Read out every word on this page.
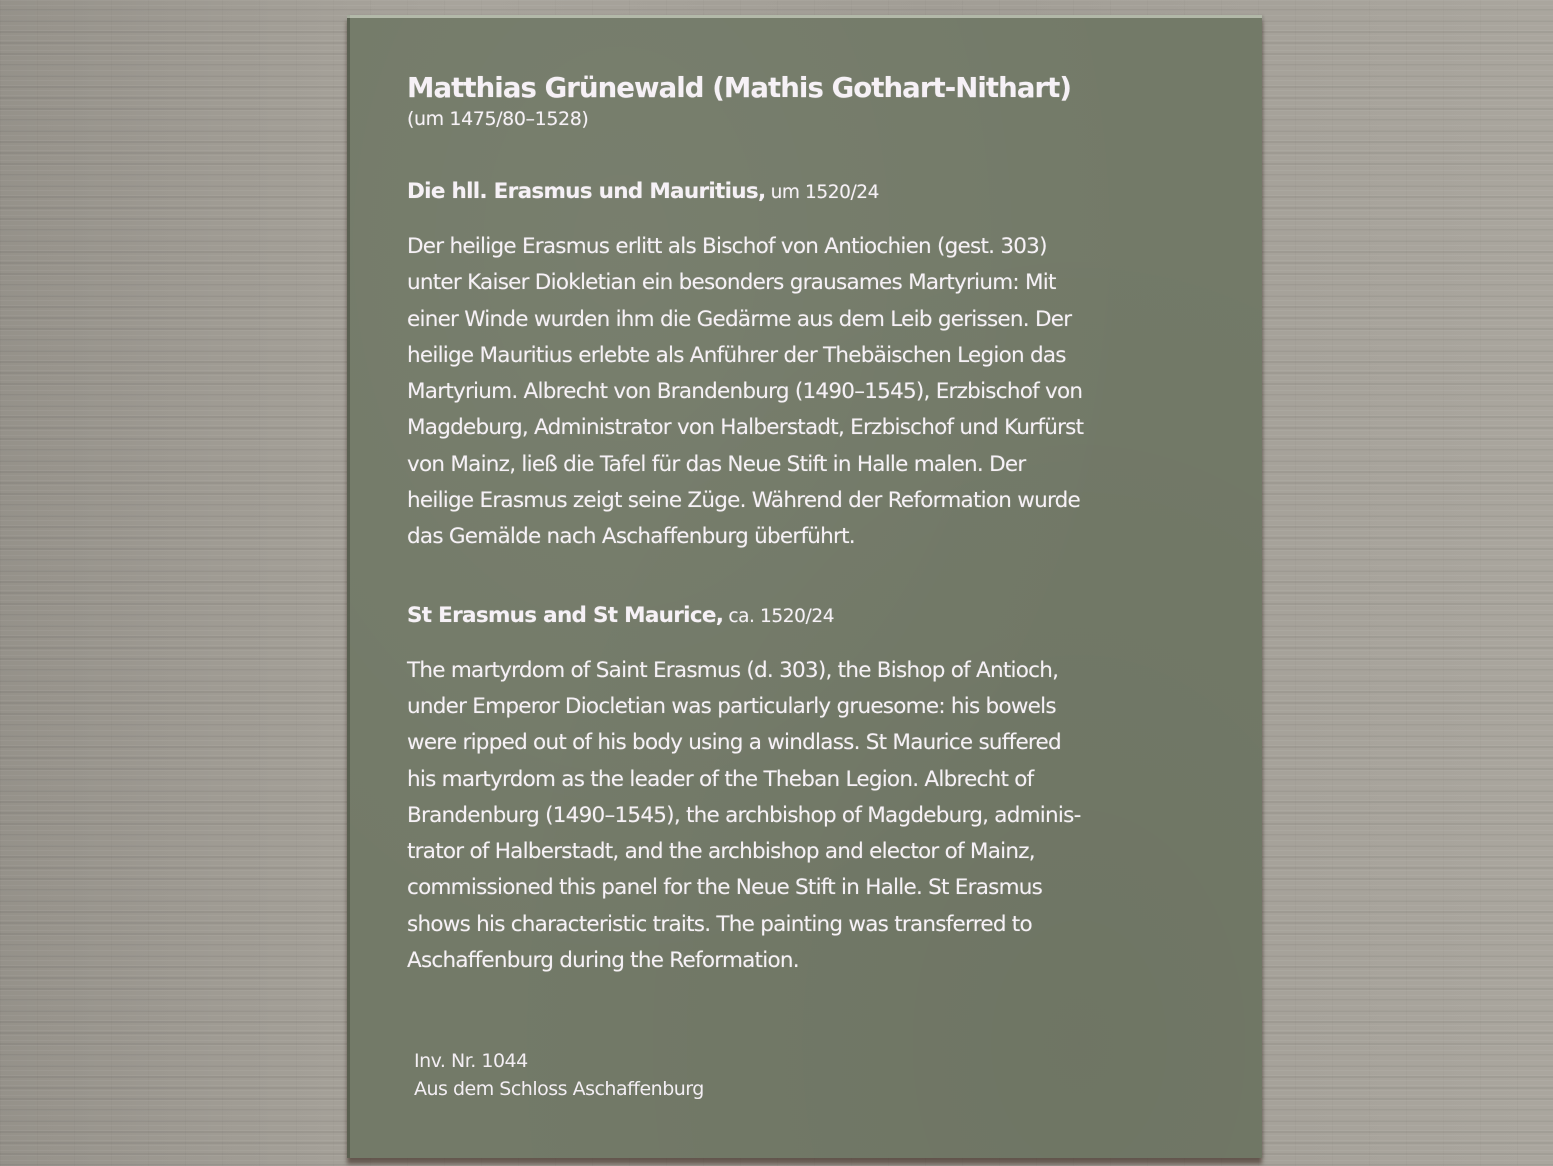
Matthias Grünewald (Mathis Gothart-Nithart)

(um 1475/80–1528)

Die hll. Erasmus und Mauritius, um 1520/24

Der heilige Erasmus erlitt als Bischof von Antiochien (gest. 303)

unter Kaiser Diokletian ein besonders grausames Martyrium: Mit

einer Winde wurden ihm die Gedärme aus dem Leib gerissen. Der

heilige Mauritius erlebte als Anführer der Thebäischen Legion das

Martyrium. Albrecht von Brandenburg (1490–1545), Erzbischof von

Magdeburg, Administrator von Halberstadt, Erzbischof und Kurfürst

von Mainz, ließ die Tafel für das Neue Stift in Halle malen. Der

heilige Erasmus zeigt seine Züge. Während der Reformation wurde

das Gemälde nach Aschaffenburg überführt.

St Erasmus and St Maurice, ca. 1520/24

The martyrdom of Saint Erasmus (d. 303), the Bishop of Antioch,

under Emperor Diocletian was particularly gruesome: his bowels

were ripped out of his body using a windlass. St Maurice suffered

his martyrdom as the leader of the Theban Legion. Albrecht of

Brandenburg (1490–1545), the archbishop of Magdeburg, adminis-

trator of Halberstadt, and the archbishop and elector of Mainz,

commissioned this panel for the Neue Stift in Halle. St Erasmus

shows his characteristic traits. The painting was transferred to

Aschaffenburg during the Reformation.

Inv. Nr. 1044

Aus dem Schloss Aschaffenburg
